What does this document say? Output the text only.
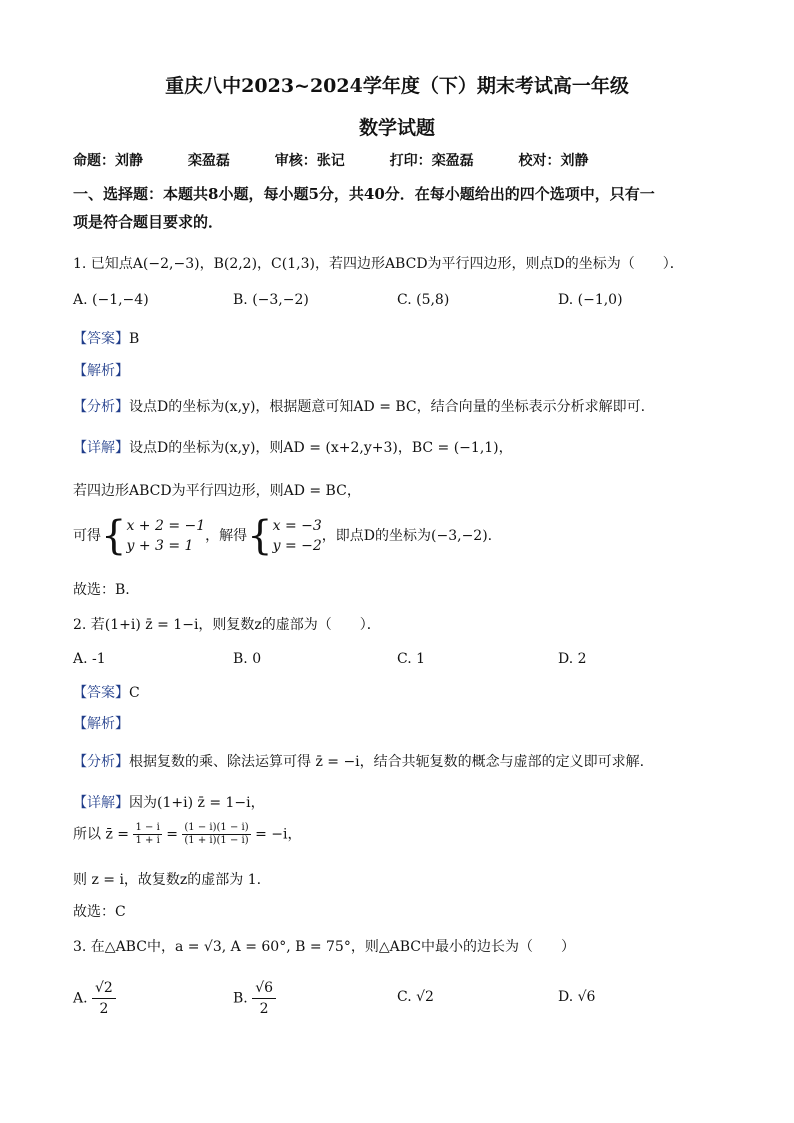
重庆八中2023~2024学年度（下）期末考试高一年级
数学试题
命题：刘静	栾盈磊	审核：张记	打印：栾盈磊	校对：刘静
一、选择题：本题共8小题，每小题5分，共40分．在每小题给出的四个选项中，只有一
项是符合题目要求的．
1. 已知点A(−2,−3)，B(2,2)，C(1,3)，若四边形ABCD为平行四边形，则点D的坐标为（　　）．
A. (−1,−4)	B. (−3,−2)	C. (5,8)	D. (−1,0)
【答案】B
【解析】
【分析】设点D的坐标为(x,y)，根据题意可知AD = BC，结合向量的坐标表示分析求解即可.
【详解】设点D的坐标为(x,y)，则AD = (x+2,y+3)，BC = (−1,1)，
若四边形ABCD为平行四边形，则AD = BC，
可得{x + 2 = −1
y + 3 = 1，解得{x = −3
y = −2，即点D的坐标为(−3,−2).
故选：B.
2. 若(1+i) z̄ = 1−i，则复数z的虚部为（　　）．
A. -1	B. 0	C. 1	D. 2
【答案】C
【解析】
【分析】根据复数的乘、除法运算可得 z̄ = −i，结合共轭复数的概念与虚部的定义即可求解.
【详解】因为(1+i) z̄ = 1−i，
所以 z̄ = $\frac{1 - i}{1 + i} = \frac{(1 - i)(1 - i)}{(1 + i)(1 - i)} = -i$，
则 z = i，故复数z的虚部为 1.
故选：C
3. 在△ABC中，a = √3, A = 60°, B = 75°，则△ABC中最小的边长为（　　）
A. $\frac{√2}{2}$	B. $\frac{√6}{2}$	C. √2	D. √6
